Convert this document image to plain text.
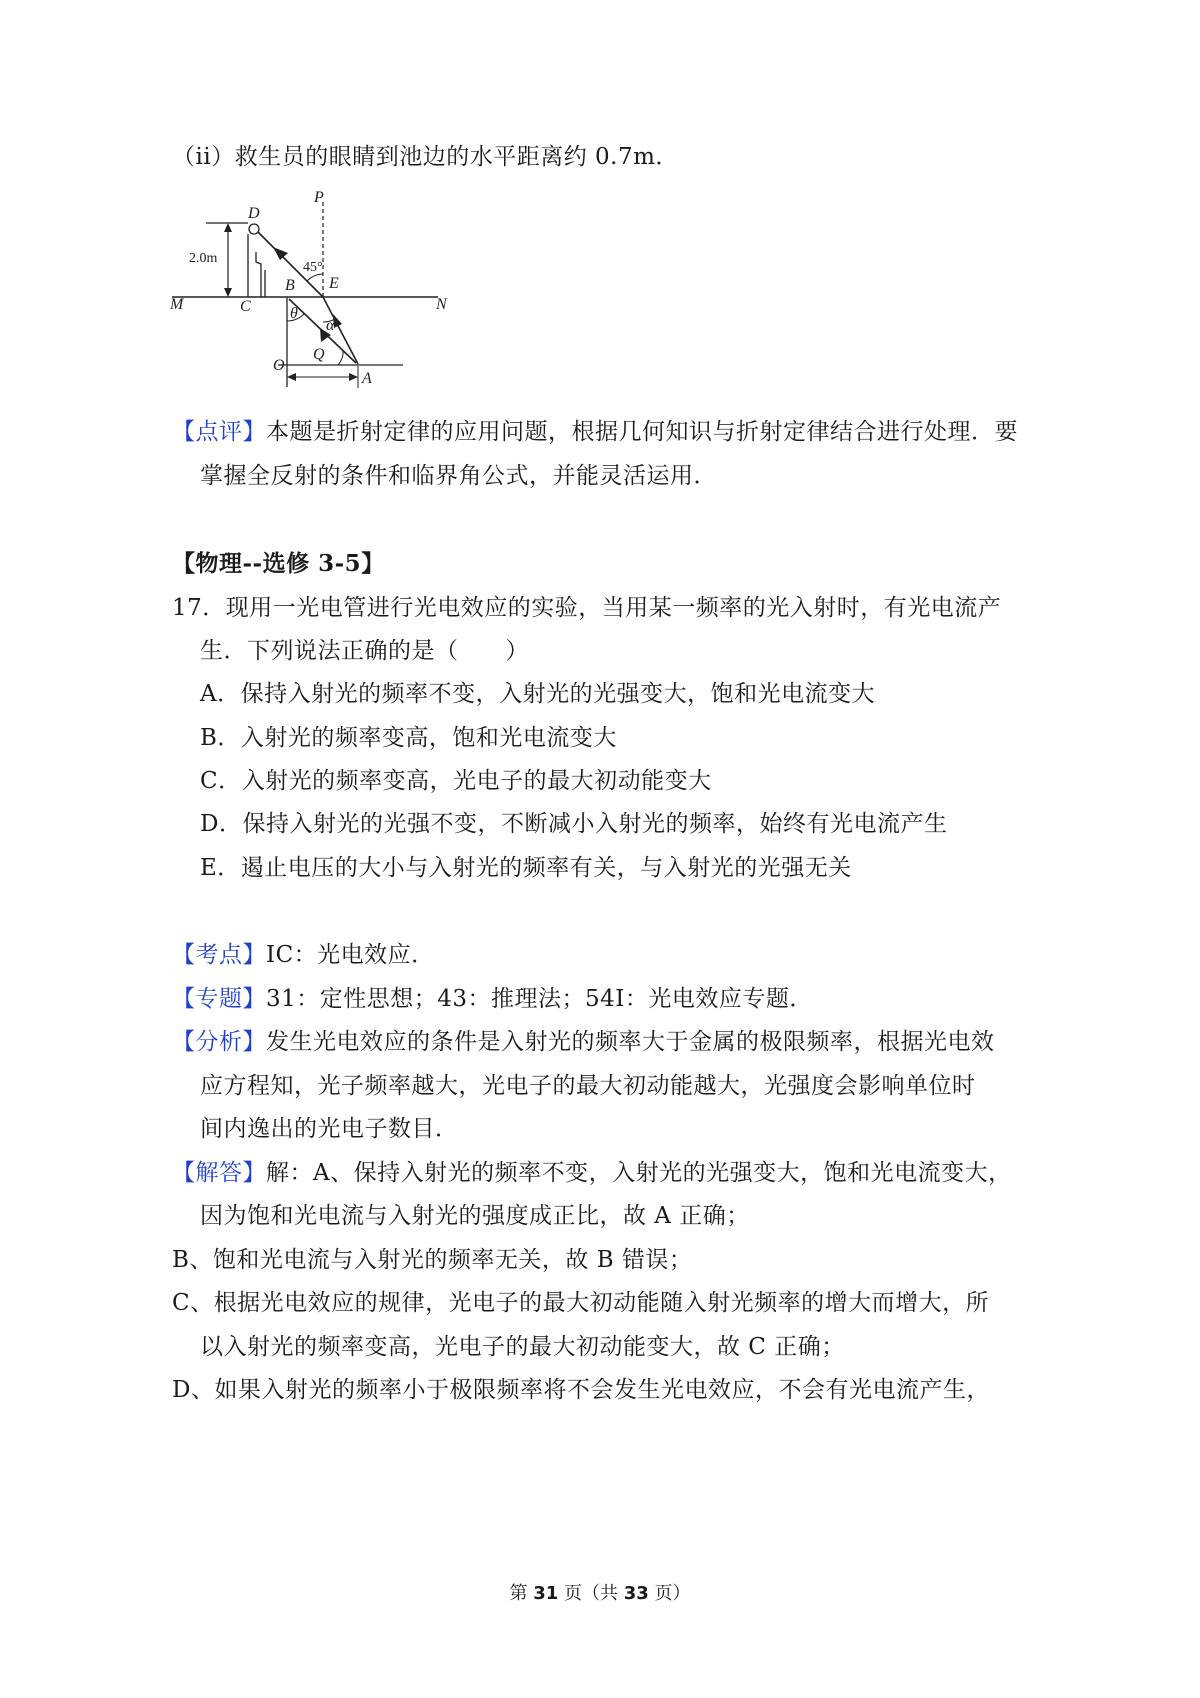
（ii）救生员的眼睛到池边的水平距离约 0.7m．
P
D
2.0m
45°
E
B
M	C	N
θ
α
O
Q
A
【点评】本题是折射定律的应用问题，根据几何知识与折射定律结合进行处理．要
掌握全反射的条件和临界角公式，并能灵活运用．
【物理--选修 3-5】
17．现用一光电管进行光电效应的实验，当用某一频率的光入射时，有光电流产
生．下列说法正确的是（　　）
A．保持入射光的频率不变，入射光的光强变大，饱和光电流变大
B．入射光的频率变高，饱和光电流变大
C．入射光的频率变高，光电子的最大初动能变大
D．保持入射光的光强不变，不断减小入射光的频率，始终有光电流产生
E．遏止电压的大小与入射光的频率有关，与入射光的光强无关
【考点】IC：光电效应．
【专题】31：定性思想；43：推理法；54I：光电效应专题．
【分析】发生光电效应的条件是入射光的频率大于金属的极限频率，根据光电效
应方程知，光子频率越大，光电子的最大初动能越大，光强度会影响单位时
间内逸出的光电子数目．
【解答】解：A、保持入射光的频率不变，入射光的光强变大，饱和光电流变大，
因为饱和光电流与入射光的强度成正比，故 A 正确；
B、饱和光电流与入射光的频率无关，故 B 错误；
C、根据光电效应的规律，光电子的最大初动能随入射光频率的增大而增大，所
以入射光的频率变高，光电子的最大初动能变大，故 C 正确；
D、如果入射光的频率小于极限频率将不会发生光电效应，不会有光电流产生，
第 31 页（共 33 页）
